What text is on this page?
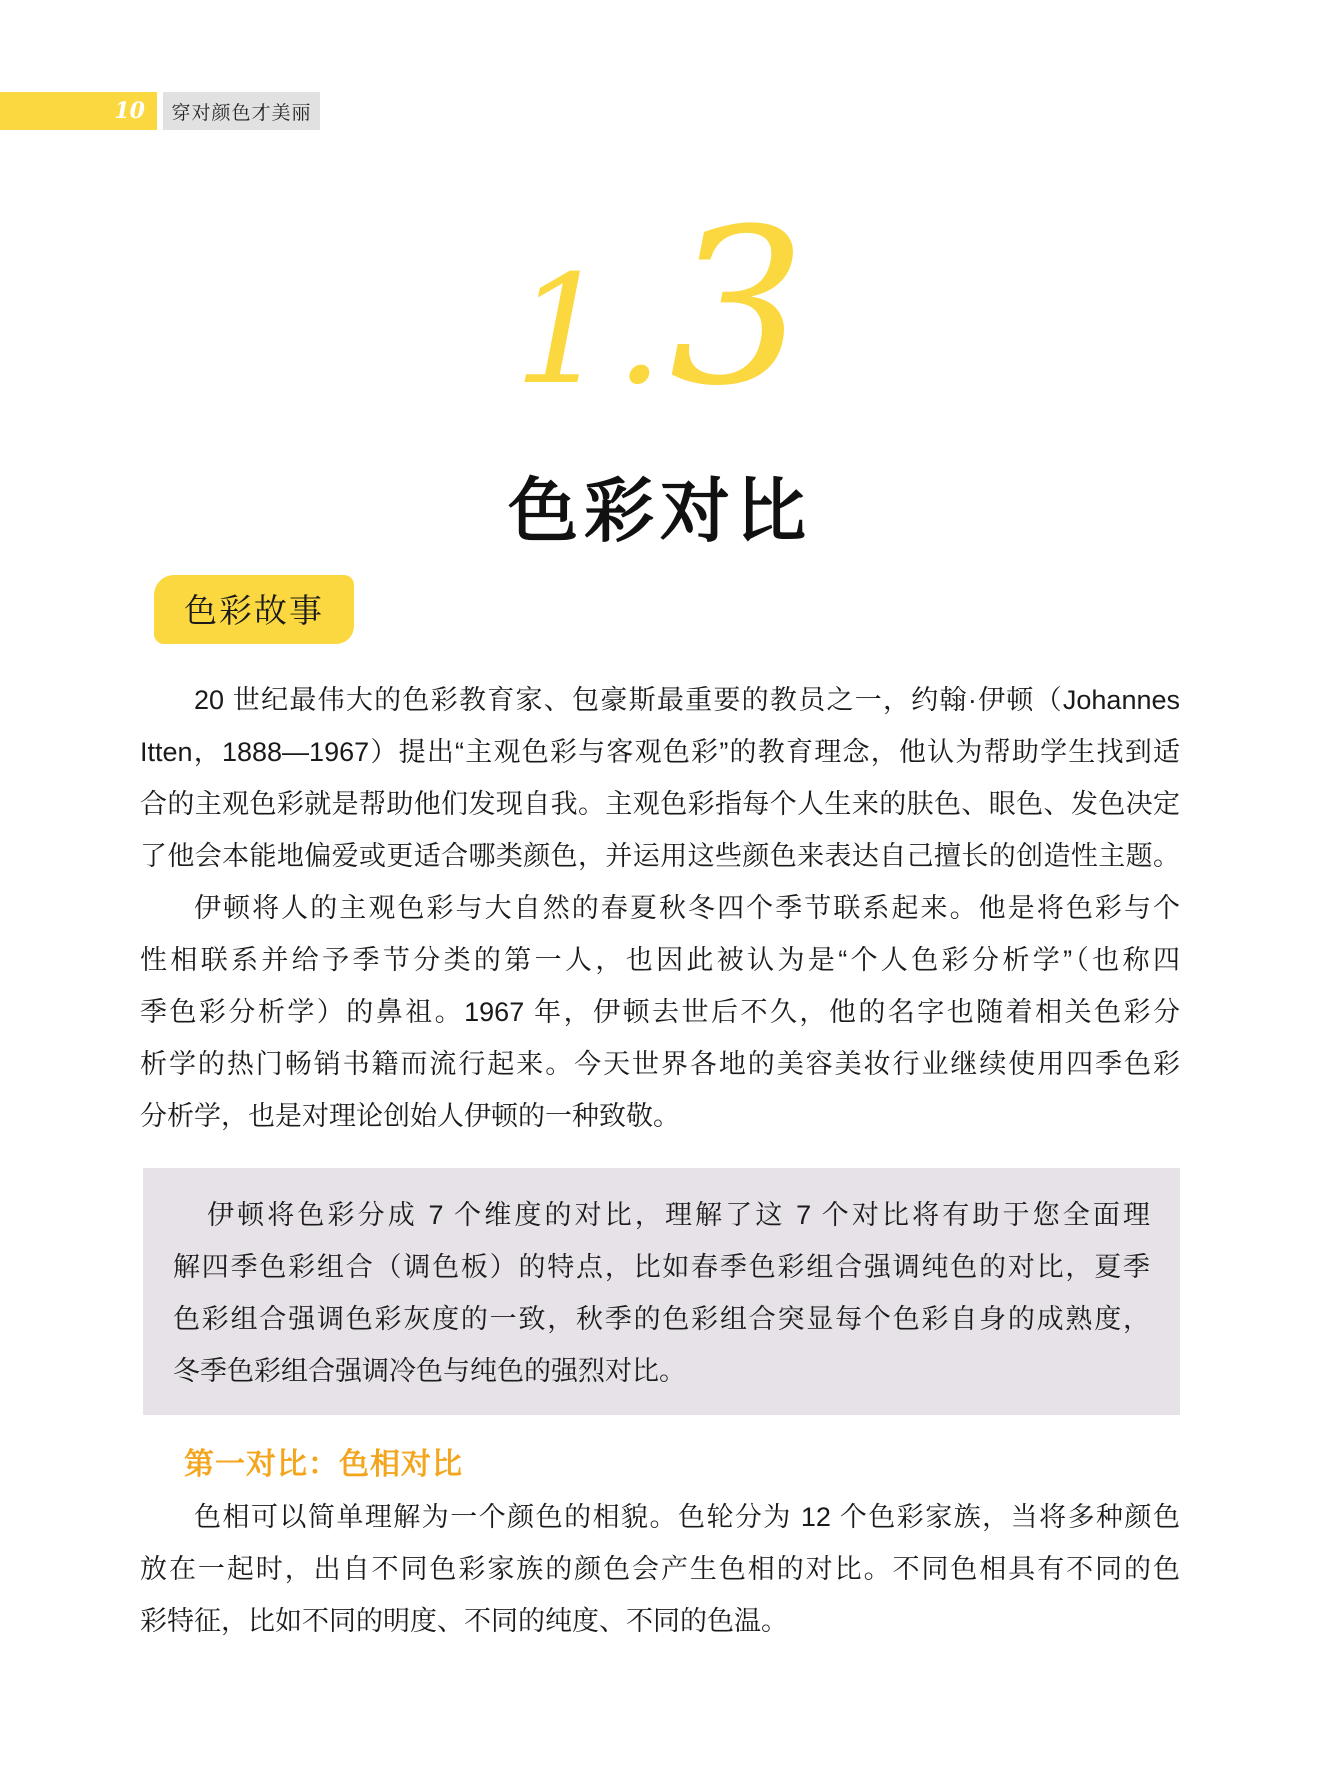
10 穿对颜色才美丽
1.3
色彩对比
色彩故事
20 世纪最伟大的色彩教育家、包豪斯最重要的教员之一，约翰·伊顿（Johannes
Itten，1888—1967）提出“主观色彩与客观色彩”的教育理念，他认为帮助学生找到适
合的主观色彩就是帮助他们发现自我。主观色彩指每个人生来的肤色、眼色、发色决定
了他会本能地偏爱或更适合哪类颜色，并运用这些颜色来表达自己擅长的创造性主题。
伊顿将人的主观色彩与大自然的春夏秋冬四个季节联系起来。他是将色彩与个
性相联系并给予季节分类的第一人，也因此被认为是“个人色彩分析学”（也称四
季色彩分析学）的鼻祖。1967 年，伊顿去世后不久，他的名字也随着相关色彩分
析学的热门畅销书籍而流行起来。今天世界各地的美容美妆行业继续使用四季色彩
分析学，也是对理论创始人伊顿的一种致敬。
伊顿将色彩分成 7 个维度的对比，理解了这 7 个对比将有助于您全面理
解四季色彩组合（调色板）的特点，比如春季色彩组合强调纯色的对比，夏季
色彩组合强调色彩灰度的一致，秋季的色彩组合突显每个色彩自身的成熟度，
冬季色彩组合强调冷色与纯色的强烈对比。
第一对比：色相对比
色相可以简单理解为一个颜色的相貌。色轮分为 12 个色彩家族，当将多种颜色
放在一起时，出自不同色彩家族的颜色会产生色相的对比。不同色相具有不同的色
彩特征，比如不同的明度、不同的纯度、不同的色温。
